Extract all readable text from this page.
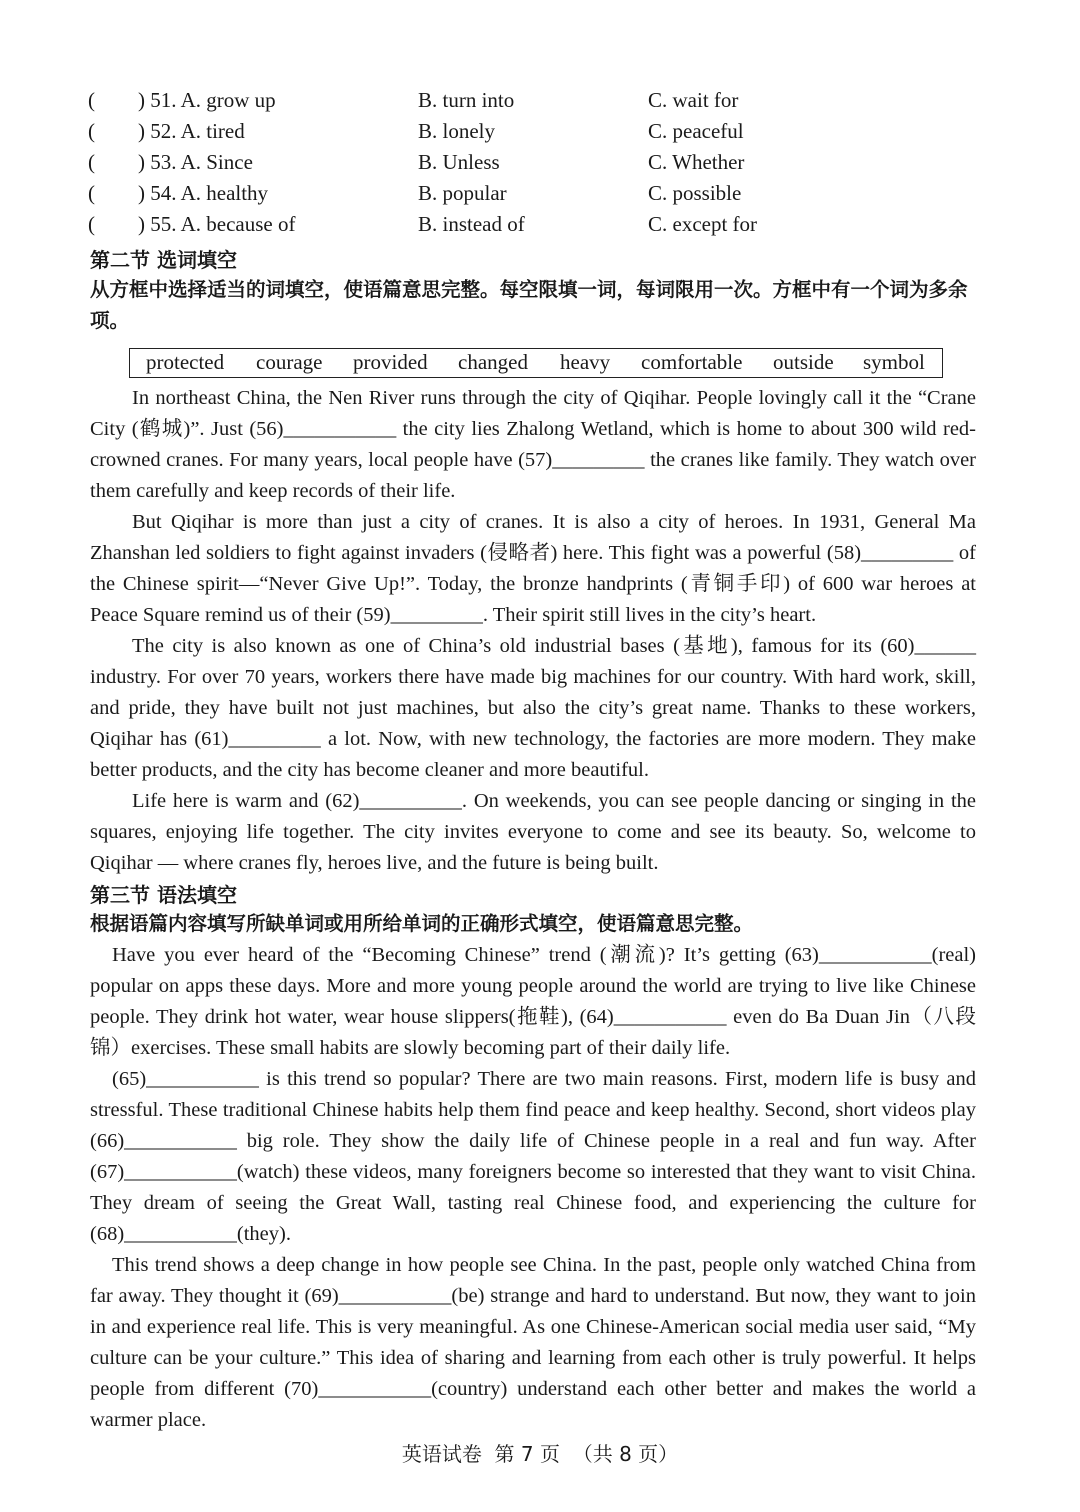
( ) 51. A. grow up	B. turn into	C. wait for
( ) 52. A. tired	B. lonely	C. peaceful
( ) 53. A. Since	B. Unless	C. Whether
( ) 54. A. healthy	B. popular	C. possible
( ) 55. A. because of	B. instead of	C. except for
第二节 选词填空
从方框中选择适当的词填空，使语篇意思完整。每空限填一词，每词限用一次。方框中有一个词为多余项。
protected courage provided changed heavy comfortable outside symbol

In northeast China, the Nen River runs through the city of Qiqihar. People lovingly call it the “Crane City (鹤城)”. Just (56)___________ the city lies Zhalong Wetland, which is home to about 300 wild red-crowned cranes. For many years, local people have (57)_________ the cranes like family. They watch over them carefully and keep records of their life.

But Qiqihar is more than just a city of cranes. It is also a city of heroes. In 1931, General Ma Zhanshan led soldiers to fight against invaders (侵略者) here. This fight was a powerful (58)_________ of the Chinese spirit—“Never Give Up!”. Today, the bronze handprints (青铜手印) of 600 war heroes at Peace Square remind us of their (59)_________. Their spirit still lives in the city’s heart.

The city is also known as one of China’s old industrial bases (基地), famous for its (60)______ industry. For over 70 years, workers there have made big machines for our country. With hard work, skill, and pride, they have built not just machines, but also the city’s great name. Thanks to these workers, Qiqihar has (61)_________ a lot. Now, with new technology, the factories are more modern. They make better products, and the city has become cleaner and more beautiful.

Life here is warm and (62)__________. On weekends, you can see people dancing or singing in the squares, enjoying life together. The city invites everyone to come and see its beauty. So, welcome to Qiqihar — where cranes fly, heroes live, and the future is being built.

第三节 语法填空
根据语篇内容填写所缺单词或用所给单词的正确形式填空，使语篇意思完整。

Have you ever heard of the “Becoming Chinese” trend (潮流)? It’s getting (63)___________(real) popular on apps these days. More and more young people around the world are trying to live like Chinese people. They drink hot water, wear house slippers(拖鞋), (64)___________ even do Ba Duan Jin（八段锦）exercises. These small habits are slowly becoming part of their daily life.

(65)___________ is this trend so popular? There are two main reasons. First, modern life is busy and stressful. These traditional Chinese habits help them find peace and keep healthy. Second, short videos play (66)___________ big role. They show the daily life of Chinese people in a real and fun way. After (67)___________(watch) these videos, many foreigners become so interested that they want to visit China. They dream of seeing the Great Wall, tasting real Chinese food, and experiencing the culture for (68)___________(they).

This trend shows a deep change in how people see China. In the past, people only watched China from far away. They thought it (69)___________(be) strange and hard to understand. But now, they want to join in and experience real life. This is very meaningful. As one Chinese-American social media user said, “My culture can be your culture.” This idea of sharing and learning from each other is truly powerful. It helps people from different (70)___________(country) understand each other better and makes the world a warmer place.

英语试卷  第 7 页  （共 8 页）
